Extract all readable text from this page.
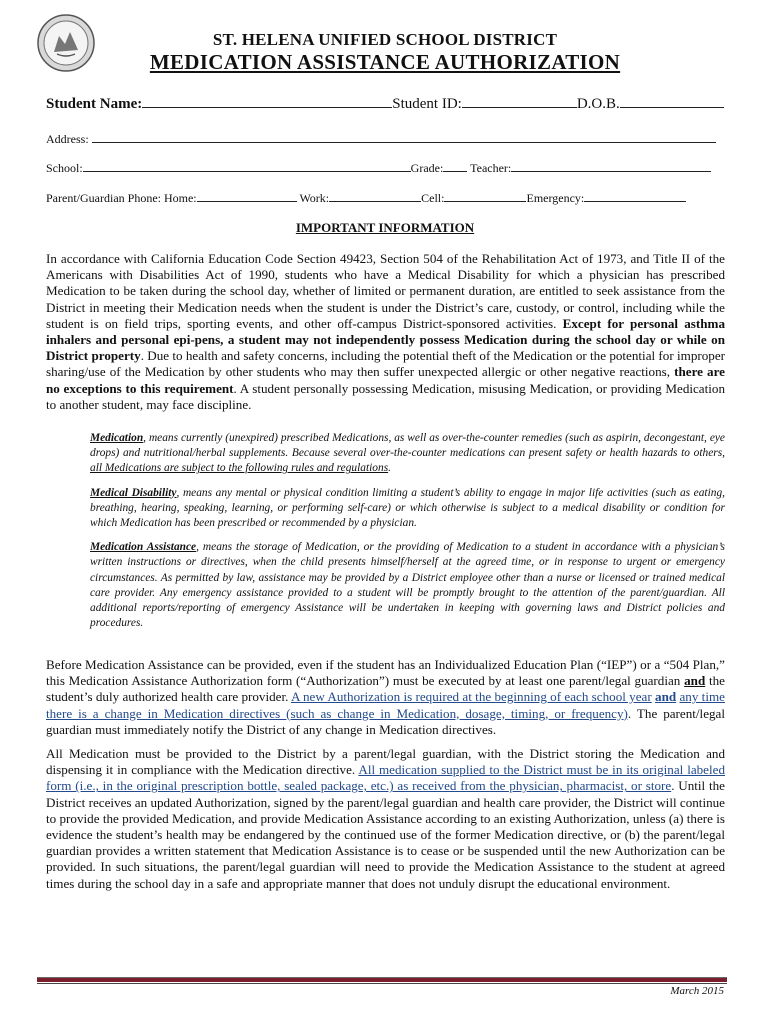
ST. HELENA UNIFIED SCHOOL DISTRICT
MEDICATION ASSISTANCE AUTHORIZATION
Student Name:	Student ID:	D.O.B.
Address:
School:	Grade: Teacher:
Parent/Guardian Phone: Home:	Work:	Cell:	Emergency:
IMPORTANT INFORMATION
In accordance with California Education Code Section 49423, Section 504 of the Rehabilitation Act of 1973, and Title II of the Americans with Disabilities Act of 1990, students who have a Medical Disability for which a physician has prescribed Medication to be taken during the school day, whether of limited or permanent duration, are entitled to seek assistance from the District in meeting their Medication needs when the student is under the District’s care, custody, or control, including while the student is on field trips, sporting events, and other off-campus District-sponsored activities. Except for personal asthma inhalers and personal epi-pens, a student may not independently possess Medication during the school day or while on District property. Due to health and safety concerns, including the potential theft of the Medication or the potential for improper sharing/use of the Medication by other students who may then suffer unexpected allergic or other negative reactions, there are no exceptions to this requirement. A student personally possessing Medication, misusing Medication, or providing Medication to another student, may face discipline.
Medication, means currently (unexpired) prescribed Medications, as well as over-the-counter remedies (such as aspirin, decongestant, eye drops) and nutritional/herbal supplements. Because several over-the-counter medications can present safety or health hazards to others, all Medications are subject to the following rules and regulations.
Medical Disability, means any mental or physical condition limiting a student’s ability to engage in major life activities (such as eating, breathing, hearing, speaking, learning, or performing self-care) or which otherwise is subject to a medical disability or condition for which Medication has been prescribed or recommended by a physician.
Medication Assistance, means the storage of Medication, or the providing of Medication to a student in accordance with a physician’s written instructions or directives, when the child presents himself/herself at the agreed time, or in response to urgent or emergency circumstances. As permitted by law, assistance may be provided by a District employee other than a nurse or licensed or trained medical care provider. Any emergency assistance provided to a student will be promptly brought to the attention of the parent/guardian. All additional reports/reporting of emergency Assistance will be undertaken in keeping with governing laws and District policies and procedures.
Before Medication Assistance can be provided, even if the student has an Individualized Education Plan (“IEP”) or a “504 Plan,” this Medication Assistance Authorization form (“Authorization”) must be executed by at least one parent/legal guardian and the student’s duly authorized health care provider. A new Authorization is required at the beginning of each school year and any time there is a change in Medication directives (such as change in Medication, dosage, timing, or frequency). The parent/legal guardian must immediately notify the District of any change in Medication directives.
All Medication must be provided to the District by a parent/legal guardian, with the District storing the Medication and dispensing it in compliance with the Medication directive. All medication supplied to the District must be in its original labeled form (i.e., in the original prescription bottle, sealed package, etc.) as received from the physician, pharmacist, or store. Until the District receives an updated Authorization, signed by the parent/legal guardian and health care provider, the District will continue to provide the provided Medication, and provide Medication Assistance according to an existing Authorization, unless (a) there is evidence the student’s health may be endangered by the continued use of the former Medication directive, or (b) the parent/legal guardian provides a written statement that Medication Assistance is to cease or be suspended until the new Authorization can be provided. In such situations, the parent/legal guardian will need to provide the Medication Assistance to the student at agreed times during the school day in a safe and appropriate manner that does not unduly disrupt the educational environment.
March 2015
